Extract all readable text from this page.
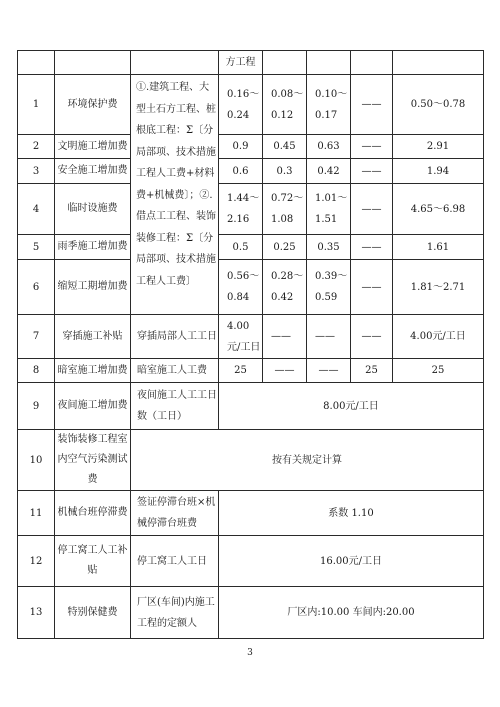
			方工程				
1	环境保护费	①.建筑工程、大型土石方工程、桩根底工程：Σ〔分局部项、技术措施工程人工费+材料费+机械费〕；②.借点工工程、装饰装修工程：Σ〔分局部项、技术措施工程人工费〕	0.16～0.24	0.08～0.12	0.10～0.17	——	0.50～0.78
2	文明施工增加费		0.9	0.45	0.63	——	2.91
3	安全施工增加费		0.6	0.3	0.42	——	1.94
4	临时设施费		1.44～2.16	0.72～1.08	1.01～1.51	——	4.65～6.98
5	雨季施工增加费		0.5	0.25	0.35	——	1.61
6	缩短工期增加费		0.56～0.84	0.28～0.42	0.39～0.59	——	1.81～2.71
7	穿插施工补贴	穿插局部人工工日	4.00元/工日	——	——	——	4.00元/工日
8	暗室施工增加费	暗室施工人工费	25	——	——	25	25
9	夜间施工增加费	夜间施工人工工日数（工日）	8.00元/工日				
10	装饰装修工程室内空气污染测试费	按有关规定计算					
11	机械台班停滞费	签证停滞台班×机械停滞台班费	系数 1.10				
12	停工窝工人工补贴	停工窝工人工日	16.00元/工日				
13	特别保健费	厂区(车间)内施工工程的定额人	厂区内:10.00 车间内:20.00				
3
